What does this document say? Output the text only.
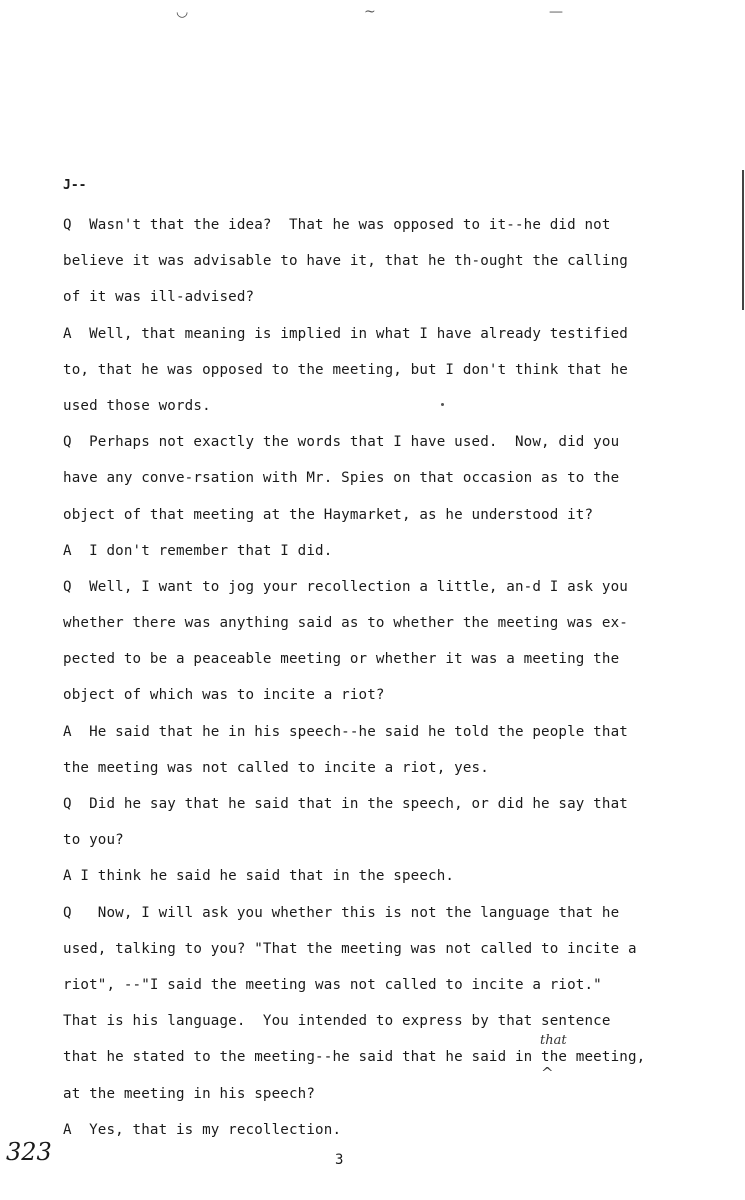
◡	~	—
J--
Q  Wasn't that the idea?  That he was opposed to it--he did not
believe it was advisable to have it, that he th-ought the calling
of it was ill-advised?
A  Well, that meaning is implied in what I have already testified
to, that he was opposed to the meeting, but I don't think that he
used those words.
Q  Perhaps not exactly the words that I have used.  Now, did you
have any conve-rsation with Mr. Spies on that occasion as to the
object of that meeting at the Haymarket, as he understood it?
A  I don't remember that I did.
Q  Well, I want to jog your recollection a little, an-d I ask you
whether there was anything said as to whether the meeting was ex-
pected to be a peaceable meeting or whether it was a meeting the
object of which was to incite a riot?
A  He said that he in his speech--he said he told the people that
the meeting was not called to incite a riot, yes.
Q  Did he say that he said that in the speech, or did he say that
to you?
A I think he said he said that in the speech.
Q   Now, I will ask you whether this is not the language that he
used, talking to you? "That the meeting was not called to incite a
riot", --"I said the meeting was not called to incite a riot."
That is his language.  You intended to express by that sentence
that he stated to the meeting--he said that he said in the meeting,
at the meeting in his speech?
A  Yes, that is my recollection.
that
^
323	3
